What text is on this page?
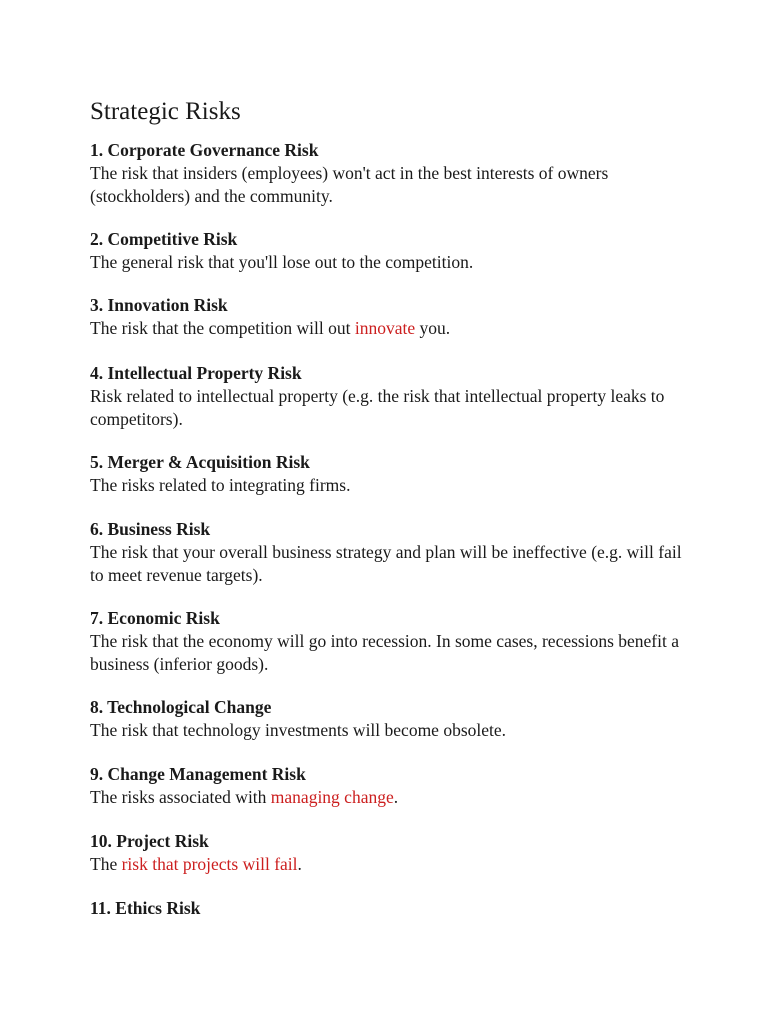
Strategic Risks
1. Corporate Governance Risk
The risk that insiders (employees) won't act in the best interests of owners (stockholders) and the community.
2. Competitive Risk
The general risk that you'll lose out to the competition.
3. Innovation Risk
The risk that the competition will out innovate you.
4. Intellectual Property Risk
Risk related to intellectual property (e.g. the risk that intellectual property leaks to competitors).
5. Merger & Acquisition Risk
The risks related to integrating firms.
6. Business Risk
The risk that your overall business strategy and plan will be ineffective (e.g. will fail to meet revenue targets).
7. Economic Risk
The risk that the economy will go into recession. In some cases, recessions benefit a business (inferior goods).
8. Technological Change
The risk that technology investments will become obsolete.
9. Change Management Risk
The risks associated with managing change.
10. Project Risk
The risk that projects will fail.
11. Ethics Risk
